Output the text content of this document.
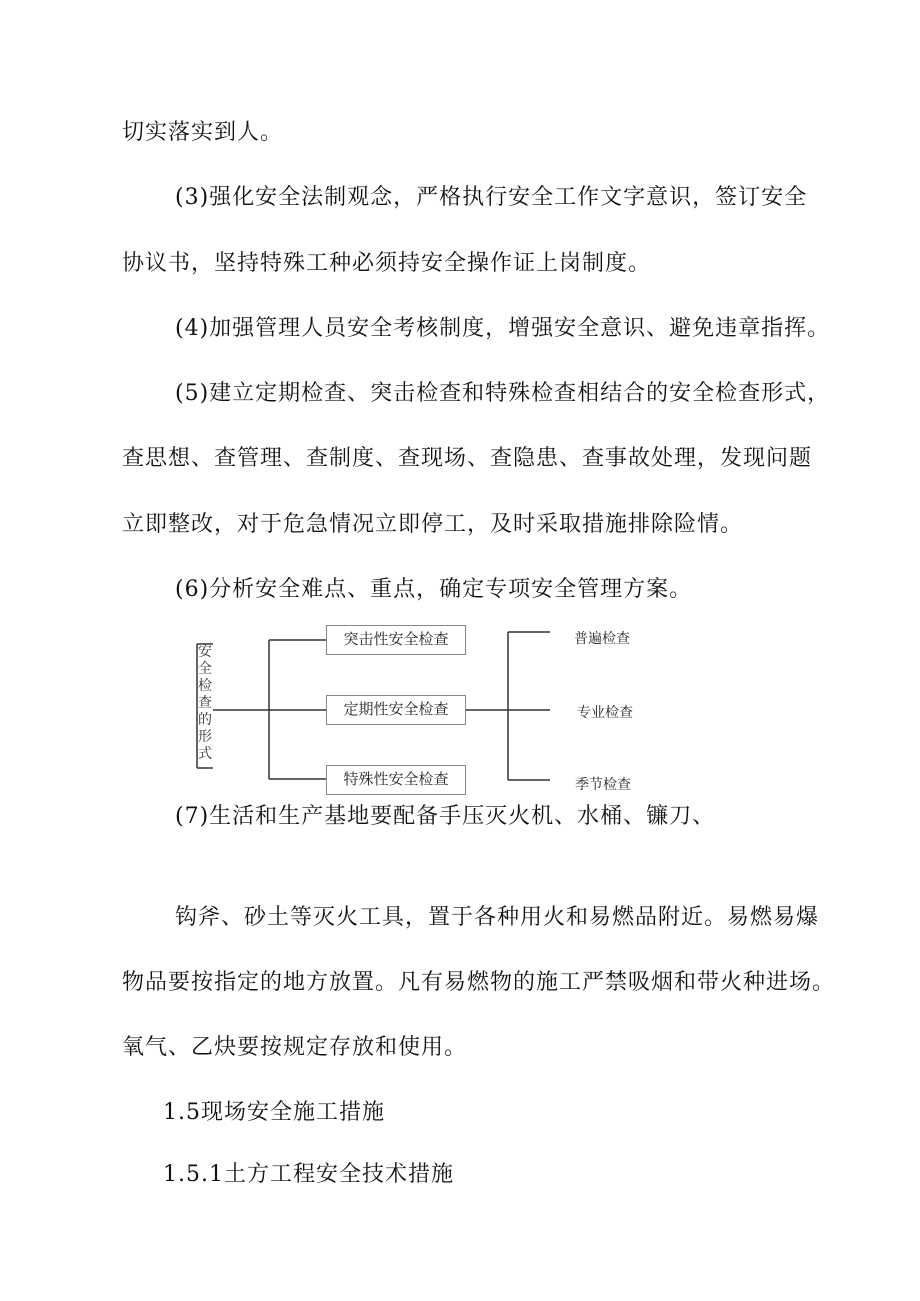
切实落实到人。
(3)强化安全法制观念，严格执行安全工作文字意识，签订安全
协议书，坚持特殊工种必须持安全操作证上岗制度。
(4)加强管理人员安全考核制度，增强安全意识、避免违章指挥。
(5)建立定期检查、突击检查和特殊检查相结合的安全检查形式，
查思想、查管理、查制度、查现场、查隐患、查事故处理，发现问题
立即整改，对于危急情况立即停工，及时采取措施排除险情。
(6)分析安全难点、重点，确定专项安全管理方案。
安全检查的形式
突击性安全检查
定期性安全检查
特殊性安全检查
普遍检查
专业检查
季节检查
(7)生活和生产基地要配备手压灭火机、水桶、镰刀、
钩斧、砂土等灭火工具，置于各种用火和易燃品附近。易燃易爆
物品要按指定的地方放置。凡有易燃物的施工严禁吸烟和带火种进场。
氧气、乙炔要按规定存放和使用。
1.5现场安全施工措施
1.5.1土方工程安全技术措施
